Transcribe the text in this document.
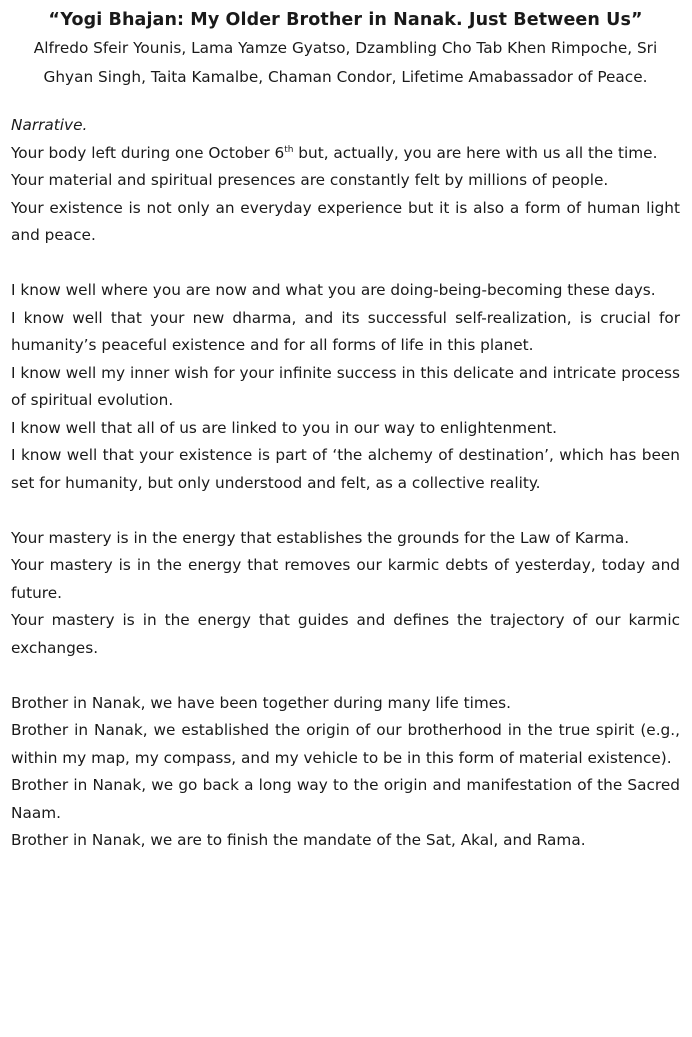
“Yogi Bhajan: My Older Brother in Nanak. Just Between Us”

Alfredo Sfeir Younis, Lama Yamze Gyatso, Dzambling Cho Tab Khen Rimpoche, Sri Ghyan Singh, Taita Kamalbe, Chaman Condor, Lifetime Amabassador of Peace.

Narrative.

Your body left during one October 6th but, actually, you are here with us all the time.

Your material and spiritual presences are constantly felt by millions of people.

Your existence is not only an everyday experience but it is also a form of human light and peace.

I know well where you are now and what you are doing-being-becoming these days.

I know well that your new dharma, and its successful self-realization, is crucial for humanity’s peaceful existence and for all forms of life in this planet.

I know well my inner wish for your infinite success in this delicate and intricate process of spiritual evolution.

I know well that all of us are linked to you in our way to enlightenment.

I know well that your existence is part of ‘the alchemy of destination’, which has been set for humanity, but only understood and felt, as a collective reality.

Your mastery is in the energy that establishes the grounds for the Law of Karma.

Your mastery is in the energy that removes our karmic debts of yesterday, today and future.

Your mastery is in the energy that guides and defines the trajectory of our karmic exchanges.

Brother in Nanak, we have been together during many life times.

Brother in Nanak, we established the origin of our brotherhood in the true spirit (e.g., within my map, my compass, and my vehicle to be in this form of material existence).

Brother in Nanak, we go back a long way to the origin and manifestation of the Sacred Naam.

Brother in Nanak, we are to finish the mandate of the Sat, Akal, and Rama.
